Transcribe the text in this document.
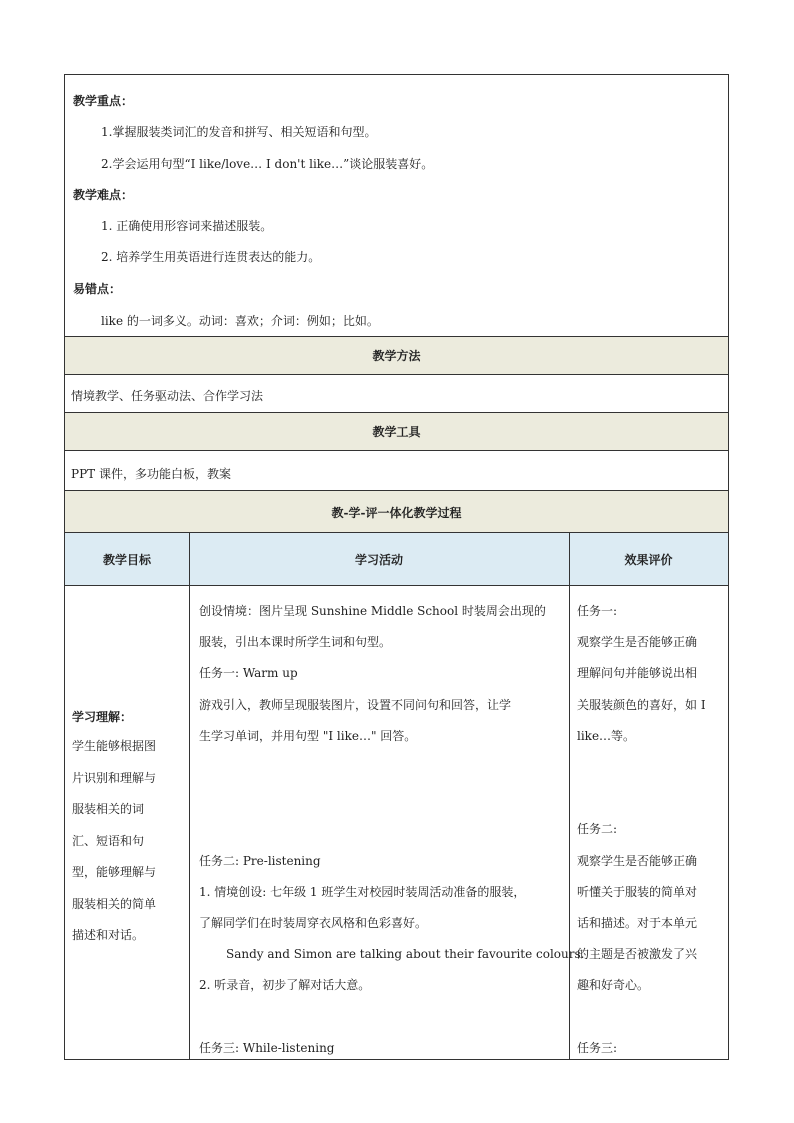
教学重点：
1.掌握服装类词汇的发音和拼写、相关短语和句型。
2.学会运用句型“I like/love… I don't like…”谈论服装喜好。
教学难点：
1. 正确使用形容词来描述服装。
2. 培养学生用英语进行连贯表达的能力。
易错点：
like 的一词多义。动词：喜欢；介词：例如；比如。
教学方法
情境教学、任务驱动法、合作学习法
教学工具
PPT 课件，多功能白板，教案
教-学-评一体化教学过程
教学目标	学习活动	效果评价
学习理解：
学生能够根据图
片识别和理解与
服装相关的词
汇、短语和句
型，能够理解与
服装相关的简单
描述和对话。
创设情境：图片呈现 Sunshine Middle School 时装周会出现的
服装，引出本课时所学生词和句型。
任务一: Warm up
游戏引入，教师呈现服装图片，设置不同问句和回答，让学
生学习单词，并用句型 "I like…" 回答。
任务二: Pre-listening
1. 情境创设: 七年级 1 班学生对校园时装周活动准备的服装，
了解同学们在时装周穿衣风格和色彩喜好。
Sandy and Simon are talking about their favourite colours.
2. 听录音，初步了解对话大意。
任务三: While-listening
任务一:
观察学生是否能够正确
理解问句并能够说出相
关服装颜色的喜好，如 I
like…等。
任务二:
观察学生是否能够正确
听懂关于服装的简单对
话和描述。对于本单元
的主题是否被激发了兴
趣和好奇心。
任务三:
